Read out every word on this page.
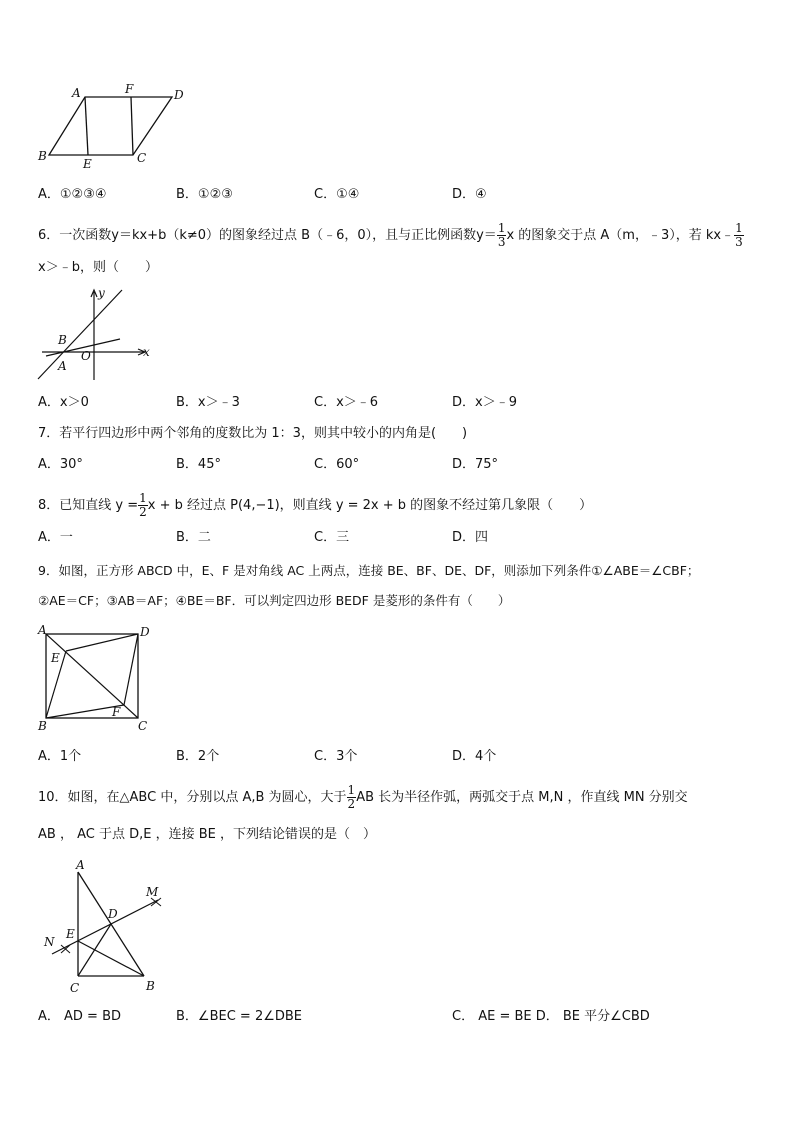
A	F	D
B
E	C
A．①②③④	B．①②③	C．①④	D．④
6．一次函数y＝kx+b（k≠0）的图象经过点 B（﹣6，0），且与正比例函数$y= \frac{1}{3}$ x 的图象交于点 A（m，﹣3），若 kx﹣ $\frac{1}{3}$
x＞﹣b，则（　　）
y
x
B
O
A
A．x＞0	B．x＞﹣3	C．x＞﹣6	D．x＞﹣9
7．若平行四边形中两个邻角的度数比为 1：3，则其中较小的内角是(　　)
A．30°	B．45°	C．60°	D．75°
8．已知直线 $y = \frac{1}{2}$ x + b 经过点 P(4,−1)，则直线 y = 2x + b 的图象不经过第几象限（　　）
A．一	B．二	C．三	D．四
9．如图，正方形 ABCD 中，E、F 是对角线 AC 上两点，连接 BE、BF、DE、DF，则添加下列条件①∠ABE＝∠CBF；
②AE＝CF；③AB＝AF；④BE＝BF．可以判定四边形 BEDF 是菱形的条件有（　　）
A	D
E
B
F
C
A．1个	B．2个	C．3个	D．4个
10．如图，在△ABC 中，分别以点 A,B 为圆心，大于 $\frac{1}{2}$ AB 长为半径作弧，两弧交于点 M,N ，作直线 MN 分别交
AB ， AC 于点 D,E ，连接 BE ，下列结论错误的是（　）
A
M
D
N
E
C	B
A． AD = BD	B．∠BEC = 2∠DBE	C． AE = BE D． BE 平分∠CBD
